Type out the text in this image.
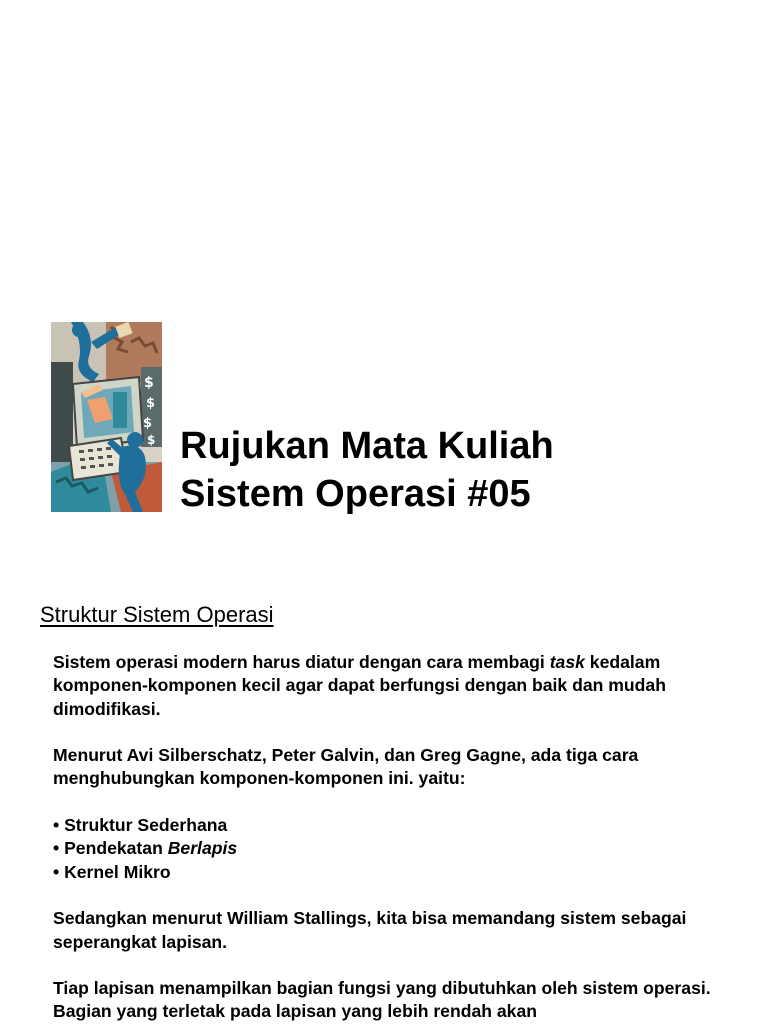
$
$
$
$ Rujukan Mata Kuliah
Sistem Operasi #05
Struktur Sistem Operasi

Sistem operasi modern harus diatur dengan cara membagi task kedalam komponen-komponen kecil agar dapat berfungsi dengan baik dan mudah dimodifikasi.

Menurut Avi Silberschatz, Peter Galvin, dan Greg Gagne, ada tiga cara menghubungkan komponen-komponen ini. yaitu:

• Struktur Sederhana
• Pendekatan Berlapis
• Kernel Mikro

Sedangkan menurut William Stallings, kita bisa memandang sistem sebagai seperangkat lapisan.

Tiap lapisan menampilkan bagian fungsi yang dibutuhkan oleh sistem operasi. Bagian yang terletak pada lapisan yang lebih rendah akan
